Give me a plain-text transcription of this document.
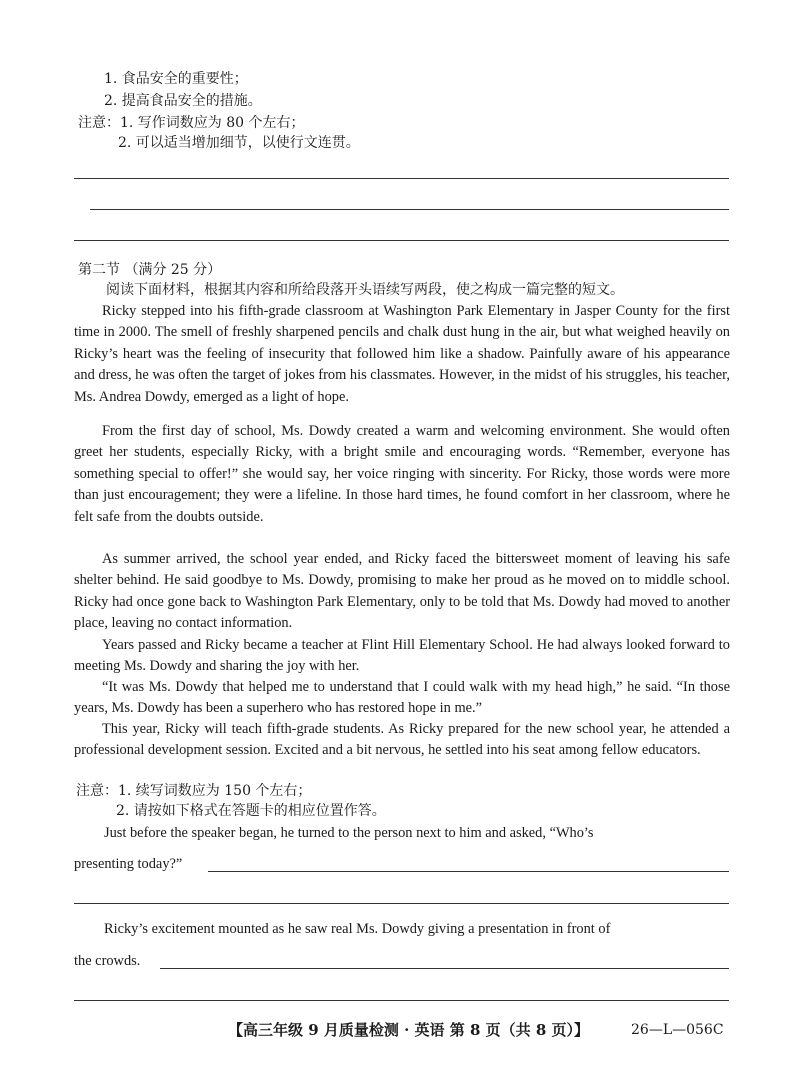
1. 食品安全的重要性；
2. 提高食品安全的措施。
注意：1. 写作词数应为 80 个左右；
2. 可以适当增加细节，以使行文连贯。
第二节 （满分 25 分）
阅读下面材料，根据其内容和所给段落开头语续写两段，使之构成一篇完整的短文。

Ricky stepped into his fifth-grade classroom at Washington Park Elementary in Jasper County for the first time in 2000. The smell of freshly sharpened pencils and chalk dust hung in the air, but what weighed heavily on Ricky’s heart was the feeling of insecurity that followed him like a shadow. Painfully aware of his appearance and dress, he was often the target of jokes from his classmates. However, in the midst of his struggles, his teacher, Ms. Andrea Dowdy, emerged as a light of hope.

From the first day of school, Ms. Dowdy created a warm and welcoming environment. She would often greet her students, especially Ricky, with a bright smile and encouraging words. “Remember, everyone has something special to offer!” she would say, her voice ringing with sincerity. For Ricky, those words were more than just encouragement; they were a lifeline. In those hard times, he found comfort in her classroom, where he felt safe from the doubts outside.

As summer arrived, the school year ended, and Ricky faced the bittersweet moment of leaving his safe shelter behind. He said goodbye to Ms. Dowdy, promising to make her proud as he moved on to middle school. Ricky had once gone back to Washington Park Elementary, only to be told that Ms. Dowdy had moved to another place, leaving no contact information.

Years passed and Ricky became a teacher at Flint Hill Elementary School. He had always looked forward to meeting Ms. Dowdy and sharing the joy with her.

“It was Ms. Dowdy that helped me to understand that I could walk with my head high,” he said. “In those years, Ms. Dowdy has been a superhero who has restored hope in me.”

This year, Ricky will teach fifth-grade students. As Ricky prepared for the new school year, he attended a professional development session. Excited and a bit nervous, he settled into his seat among fellow educators.

注意：1. 续写词数应为 150 个左右；
2. 请按如下格式在答题卡的相应位置作答。
Just before the speaker began, he turned to the person next to him and asked, “Who’s
presenting today?”
Ricky’s excitement mounted as he saw real Ms. Dowdy giving a presentation in front of
the crowds.
【高三年级 9 月质量检测 · 英语 第 8 页（共 8 页）】	26—L—056C
